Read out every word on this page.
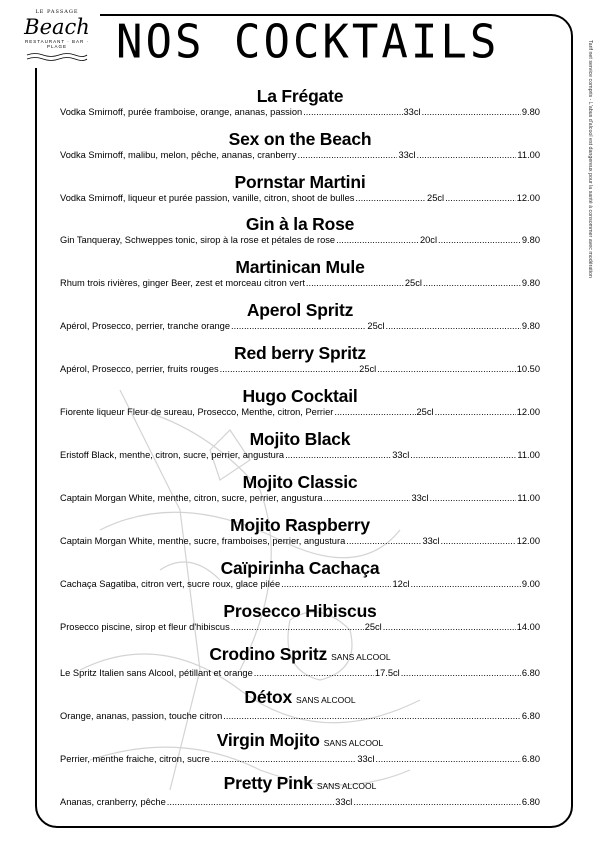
LE PASSAGE
Beach
RESTAURANT · BAR · PLAGE	NOS COCKTAILS	Tarif net service compris - L'abus d'alcool est dangereux pour la santé à consommer avec modération
La Frégate
Vodka Smirnoff, purée framboise, orange, ananas, passion .....	33cl .....	9.80
Sex on the Beach
Vodka Smirnoff, malibu, melon, pêche, ananas, cranberry .....	33cl .....	11.00
Pornstar Martini
Vodka Smirnoff, liqueur et purée passion, vanille, citron, shoot de bulles .....	25cl .....	12.00
Gin à la Rose
Gin Tanqueray, Schweppes tonic, sirop à la rose et pétales de rose .....	20cl .....	9.80
Martinican Mule
Rhum trois rivières, ginger Beer, zest et morceau citron vert .....	25cl .....	9.80
Aperol Spritz
Apérol, Prosecco, perrier, tranche orange .....	25cl .....	9.80
Red berry Spritz
Apérol, Prosecco, perrier, fruits rouges .....	25cl .....	10.50
Hugo Cocktail
Fiorente liqueur Fleur de sureau, Prosecco, Menthe, citron, Perrier .....	25cl .....	12.00
Mojito Black
Eristoff Black, menthe, citron, sucre, perrier, angustura .....	33cl .....	11.00
Mojito Classic
Captain Morgan White, menthe, citron, sucre, perrier, angustura .....	33cl .....	11.00
Mojito Raspberry
Captain Morgan White, menthe, sucre, framboises, perrier, angustura .....	33cl .....	12.00
Caïpirinha Cachaça
Cachaça Sagatiba, citron vert, sucre roux, glace pilée .....	12cl .....	9.00
Prosecco Hibiscus
Prosecco piscine, sirop et fleur d'hibiscus .....	25cl .....	14.00
Crodino Spritz SANS ALCOOL
Le Spritz Italien sans Alcool, pétillant et orange .....	17.5cl .....	6.80
Détox SANS ALCOOL
Orange, ananas, passion, touche citron .....	6.80
Virgin Mojito SANS ALCOOL
Perrier, menthe fraiche, citron, sucre .....	33cl .....	6.80
Pretty Pink SANS ALCOOL
Ananas, cranberry, pêche .....	33cl .....	6.80
